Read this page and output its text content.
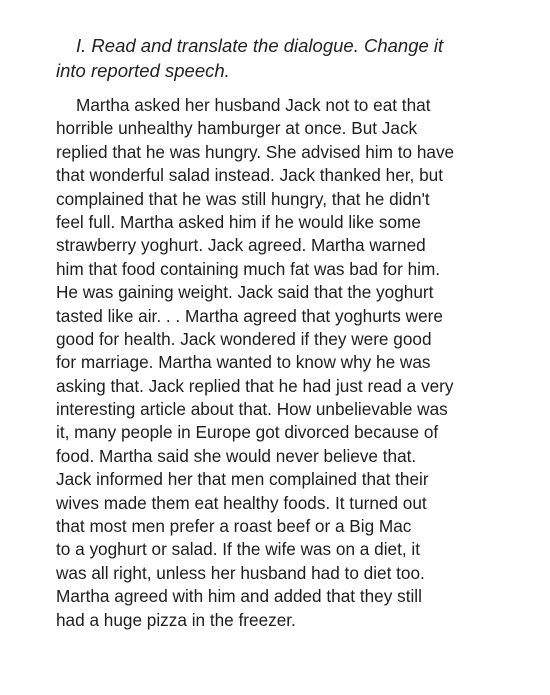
I. Read and translate the dialogue. Change it
into reported speech.
Martha asked her husband Jack not to eat that
horrible unhealthy hamburger at once. But Jack
replied that he was hungry. She advised him to have
that wonderful salad instead. Jack thanked her, but
complained that he was still hungry, that he didn't
feel full. Martha asked him if he would like some
strawberry yoghurt. Jack agreed. Martha warned
him that food containing much fat was bad for him.
He was gaining weight. Jack said that the yoghurt
tasted like air. . . Martha agreed that yoghurts were
good for health. Jack wondered if they were good
for marriage. Martha wanted to know why he was
asking that. Jack replied that he had just read a very
interesting article about that. How unbelievable was
it, many people in Europe got divorced because of
food. Martha said she would never believe that.
Jack informed her that men complained that their
wives made them eat healthy foods. It turned out
that most men prefer a roast beef or a Big Mac
to a yoghurt or salad. If the wife was on a diet, it
was all right, unless her husband had to diet too.
Martha agreed with him and added that they still
had a huge pizza in the freezer.
